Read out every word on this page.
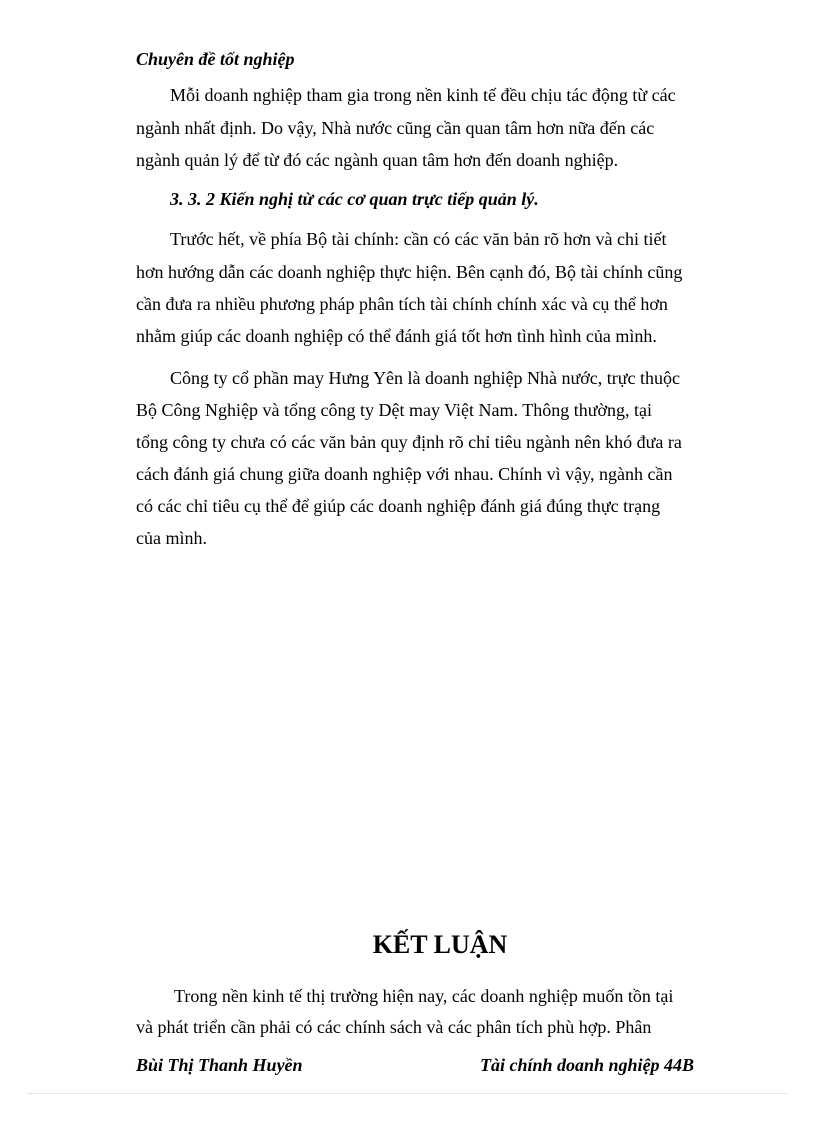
Chuyên đề tốt nghiệp

Mỗi doanh nghiệp tham gia trong nền kinh tế đều chịu tác động từ các

ngành nhất định. Do vậy, Nhà nước cũng cần quan tâm hơn nữa đến các

ngành quản lý để từ đó các ngành quan tâm hơn đến doanh nghiệp.

3. 3. 2 Kiến nghị từ các cơ quan trực tiếp quản lý.

Trước hết, về phía Bộ tài chính: cần có các văn bản rõ hơn và chi tiết

hơn hướng dẫn các doanh nghiệp thực hiện. Bên cạnh đó, Bộ tài chính cũng

cần đưa ra nhiều phương pháp phân tích tài chính chính xác và cụ thể hơn

nhằm giúp các doanh nghiệp có thể đánh giá tốt hơn tình hình của mình.

Công ty cổ phần may Hưng Yên là doanh nghiệp Nhà nước, trực thuộc

Bộ Công Nghiệp và tổng công ty Dệt may Việt Nam. Thông thường, tại

tổng công ty chưa có các văn bản quy định rõ chỉ tiêu ngành nên khó đưa ra

cách đánh giá chung giữa doanh nghiệp với nhau. Chính vì vậy, ngành cần

có các chỉ tiêu cụ thể để giúp các doanh nghiệp đánh giá đúng thực trạng

của mình.

KẾT LUẬN

Trong nền kinh tế thị trường hiện nay, các doanh nghiệp muốn tồn tại

và phát triển cần phải có các chính sách và các phân tích phù hợp. Phân

Bùi Thị Thanh Huyền	Tài chính doanh nghiệp 44B
